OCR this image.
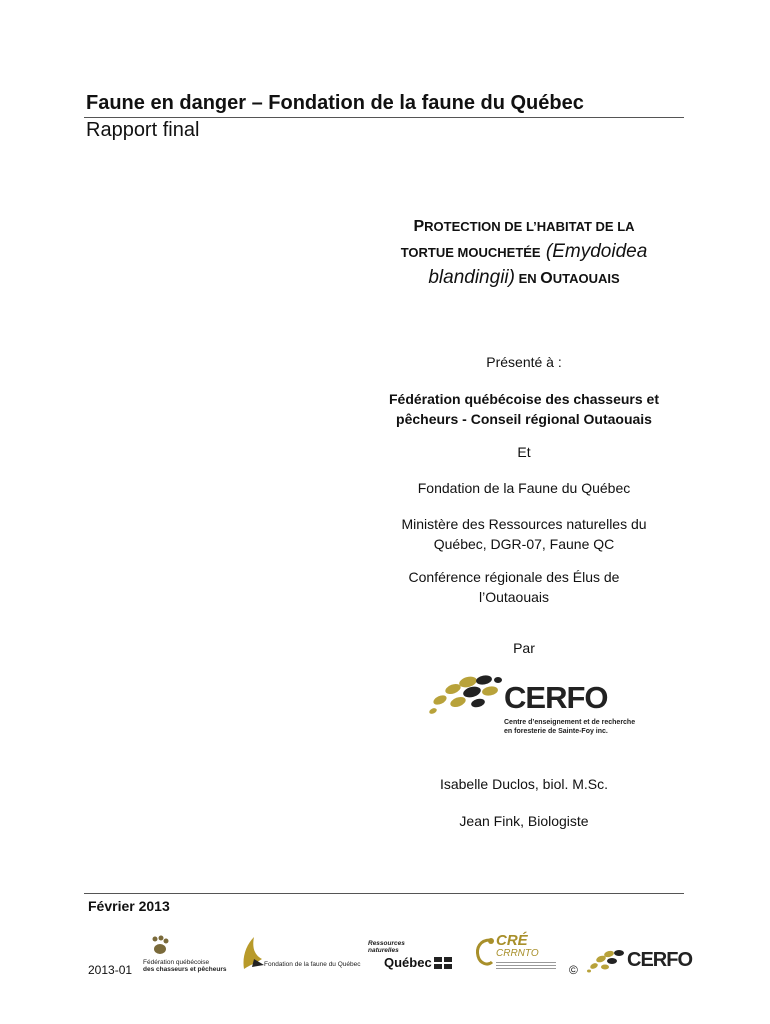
Faune en danger – Fondation de la faune du Québec
Rapport final
PROTECTION DE L’HABITAT DE LA
TORTUE MOUCHETÉE (Emydoidea
blandingii) EN OUTAOUAIS
Présenté à :
Fédération québécoise des chasseurs et
pêcheurs - Conseil régional Outaouais
Et
Fondation de la Faune du Québec
Ministère des Ressources naturelles du
Québec, DGR-07, Faune QC
Conférence régionale des Élus de
l’Outaouais
Par
CERFO
Centre d’enseignement et de recherche
en foresterie de Sainte-Foy inc.
Isabelle Duclos, biol. M.Sc.
Jean Fink, Biologiste
Février 2013
2013-01
Fédération québécoise
des chasseurs et pêcheurs
Fondation de la faune du Québec
Ressources
naturelles
Québec
CRÉ
CRRNTO
© CERFO
